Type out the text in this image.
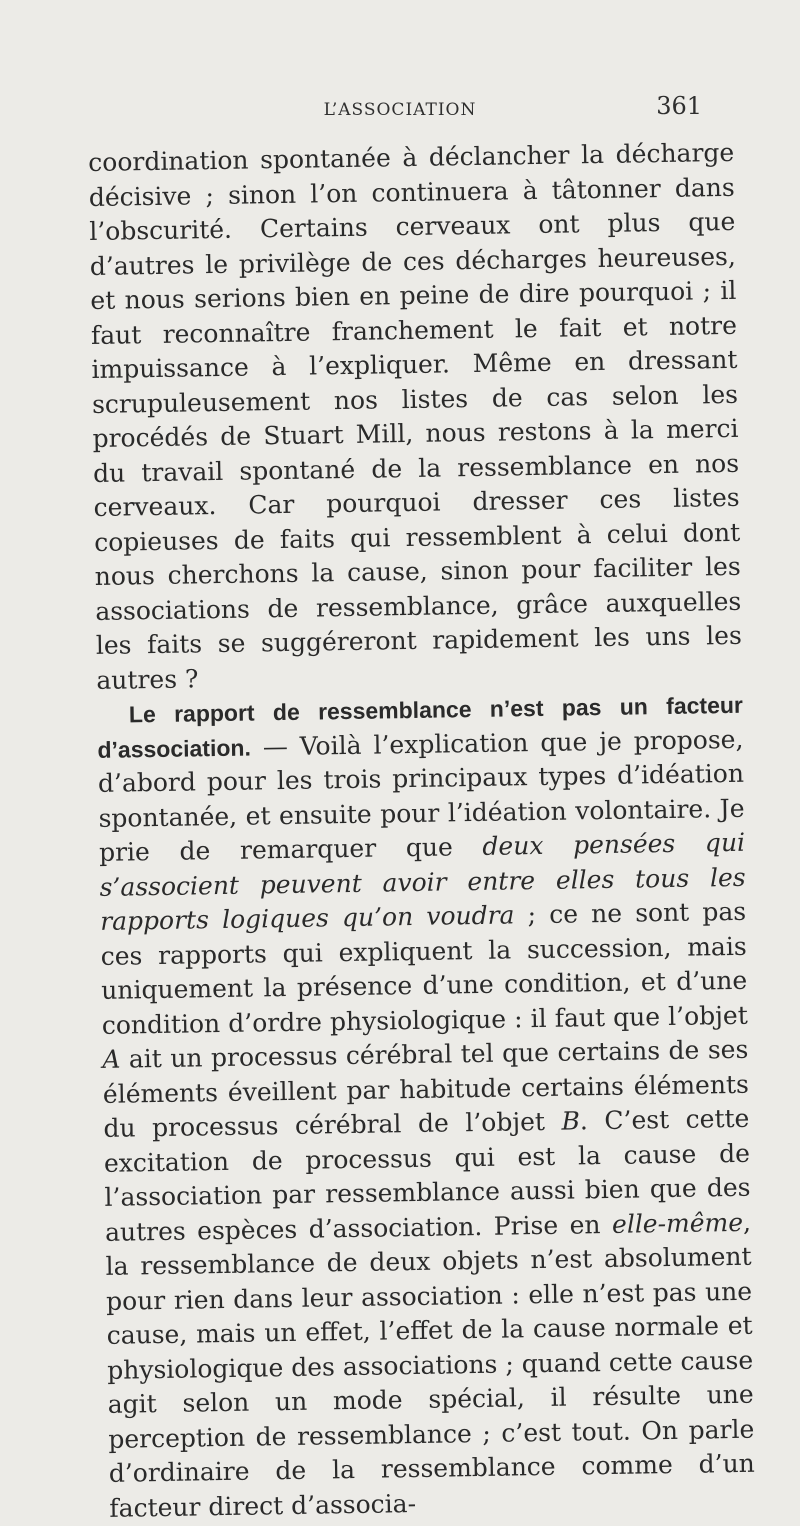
L’ASSOCIATION	361

coordination spontanée à déclancher la décharge décisive ; sinon l’on continuera à tâtonner dans l’obscurité. Certains cerveaux ont plus que d’autres le privilège de ces décharges heureuses, et nous serions bien en peine de dire pourquoi ; il faut reconnaître franchement le fait et notre impuissance à l’expliquer. Même en dressant scrupuleusement nos listes de cas selon les procédés de Stuart Mill, nous restons à la merci du travail spontané de la ressemblance en nos cerveaux. Car pourquoi dresser ces listes copieuses de faits qui ressemblent à celui dont nous cherchons la cause, sinon pour faciliter les associations de ressemblance, grâce auxquelles les faits se suggéreront rapidement les uns les autres ?

Le rapport de ressemblance n’est pas un facteur d’association. — Voilà l’explication que je propose, d’abord pour les trois principaux types d’idéation spontanée, et ensuite pour l’idéation volontaire. Je prie de remarquer que deux pensées qui s’associent peuvent avoir entre elles tous les rapports logiques qu’on voudra ; ce ne sont pas ces rapports qui expliquent la succession, mais uniquement la présence d’une condition, et d’une condition d’ordre physiologique : il faut que l’objet A ait un processus cérébral tel que certains de ses éléments éveillent par habitude certains éléments du processus cérébral de l’objet B. C’est cette excitation de processus qui est la cause de l’association par ressemblance aussi bien que des autres espèces d’association. Prise en elle-même, la ressemblance de deux objets n’est absolument pour rien dans leur association : elle n’est pas une cause, mais un effet, l’effet de la cause normale et physiologique des associations ; quand cette cause agit selon un mode spécial, il résulte une perception de ressemblance ; c’est tout. On parle d’ordinaire de la ressemblance comme d’un facteur direct d’associa-
